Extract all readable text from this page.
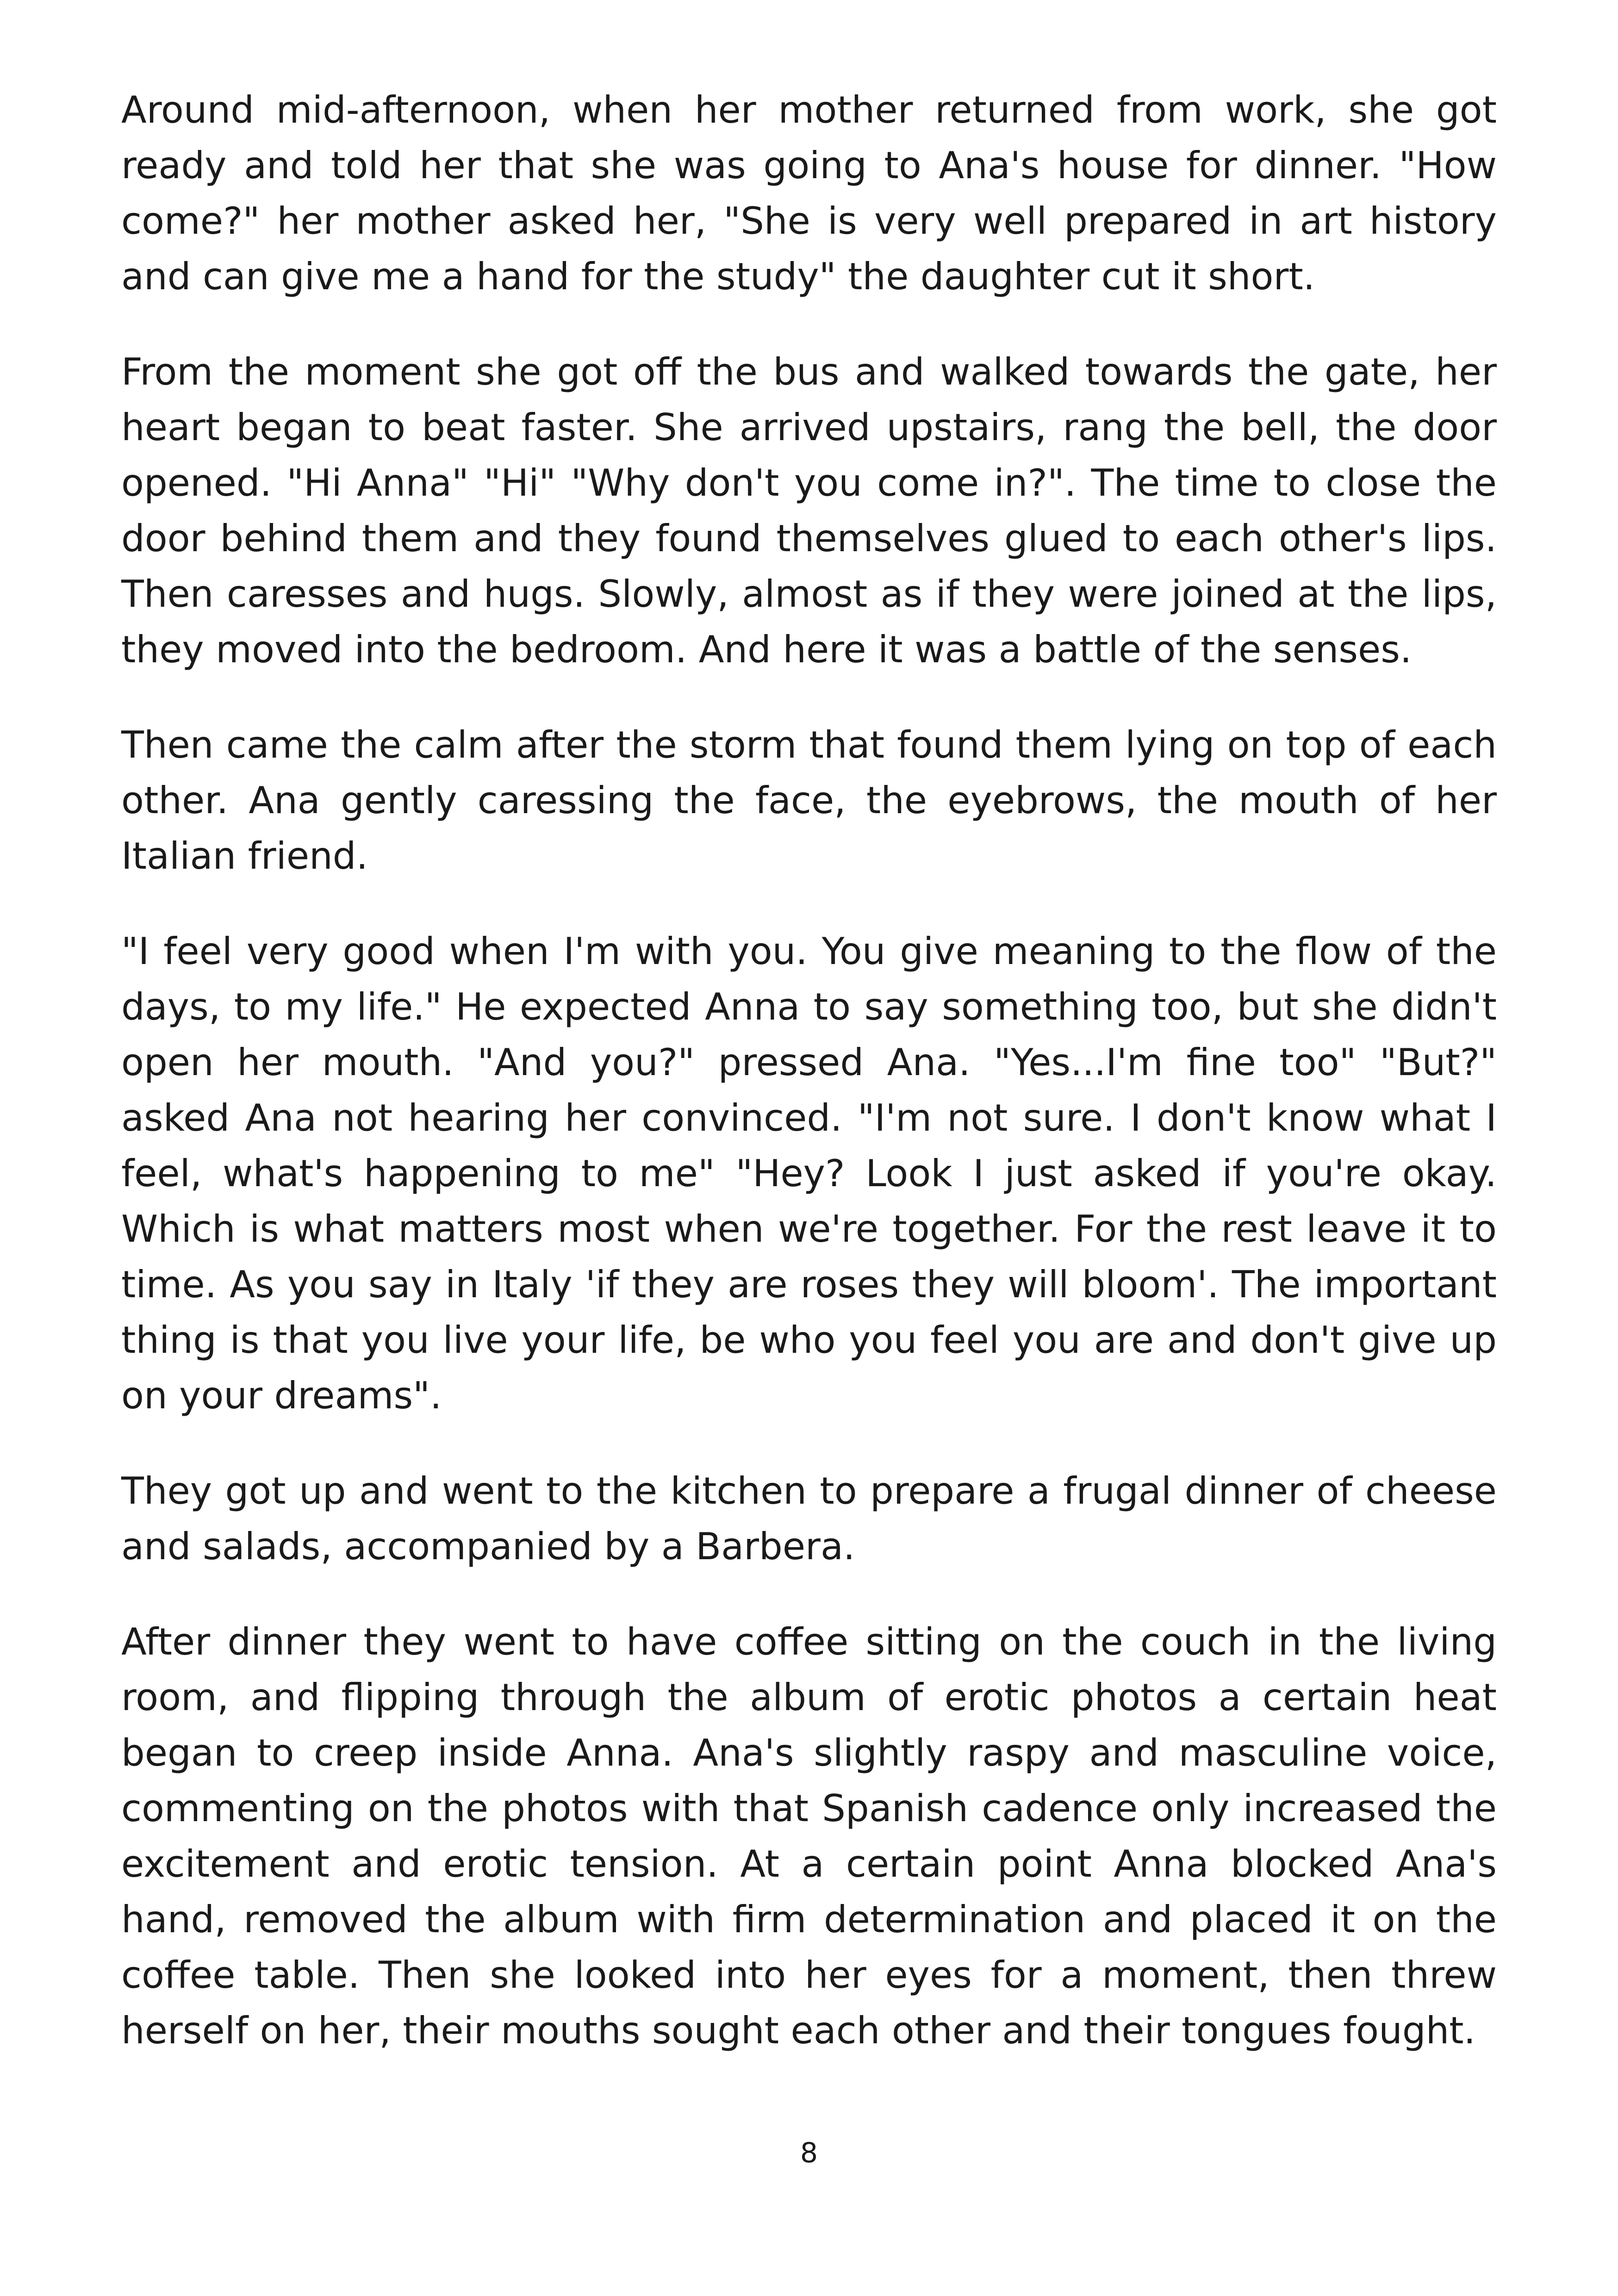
Around mid-afternoon, when her mother returned from work, she got ready and told her that she was going to Ana's house for dinner. "How come?" her mother asked her, "She is very well prepared in art history and can give me a hand for the study" the daughter cut it short.

From the moment she got off the bus and walked towards the gate, her heart began to beat faster. She arrived upstairs, rang the bell, the door opened. "Hi Anna" "Hi" "Why don't you come in?". The time to close the door behind them and they found themselves glued to each other's lips. Then caresses and hugs. Slowly, almost as if they were joined at the lips, they moved into the bedroom. And here it was a battle of the senses.

Then came the calm after the storm that found them lying on top of each other. Ana gently caressing the face, the eyebrows, the mouth of her Italian friend.

"I feel very good when I'm with you. You give meaning to the flow of the days, to my life." He expected Anna to say something too, but she didn't open her mouth. "And you?" pressed Ana. "Yes...I'm fine too" "But?" asked Ana not hearing her convinced. "I'm not sure. I don't know what I feel, what's happening to me" "Hey? Look I just asked if you're okay. Which is what matters most when we're together. For the rest leave it to time. As you say in Italy 'if they are roses they will bloom'. The important thing is that you live your life, be who you feel you are and don't give up on your dreams".

They got up and went to the kitchen to prepare a frugal dinner of cheese and salads, accompanied by a Barbera.

After dinner they went to have coffee sitting on the couch in the living room, and flipping through the album of erotic photos a certain heat began to creep inside Anna. Ana's slightly raspy and masculine voice, commenting on the photos with that Spanish cadence only increased the excitement and erotic tension. At a certain point Anna blocked Ana's hand, removed the album with firm determination and placed it on the coffee table. Then she looked into her eyes for a moment, then threw herself on her, their mouths sought each other and their tongues fought.

8
